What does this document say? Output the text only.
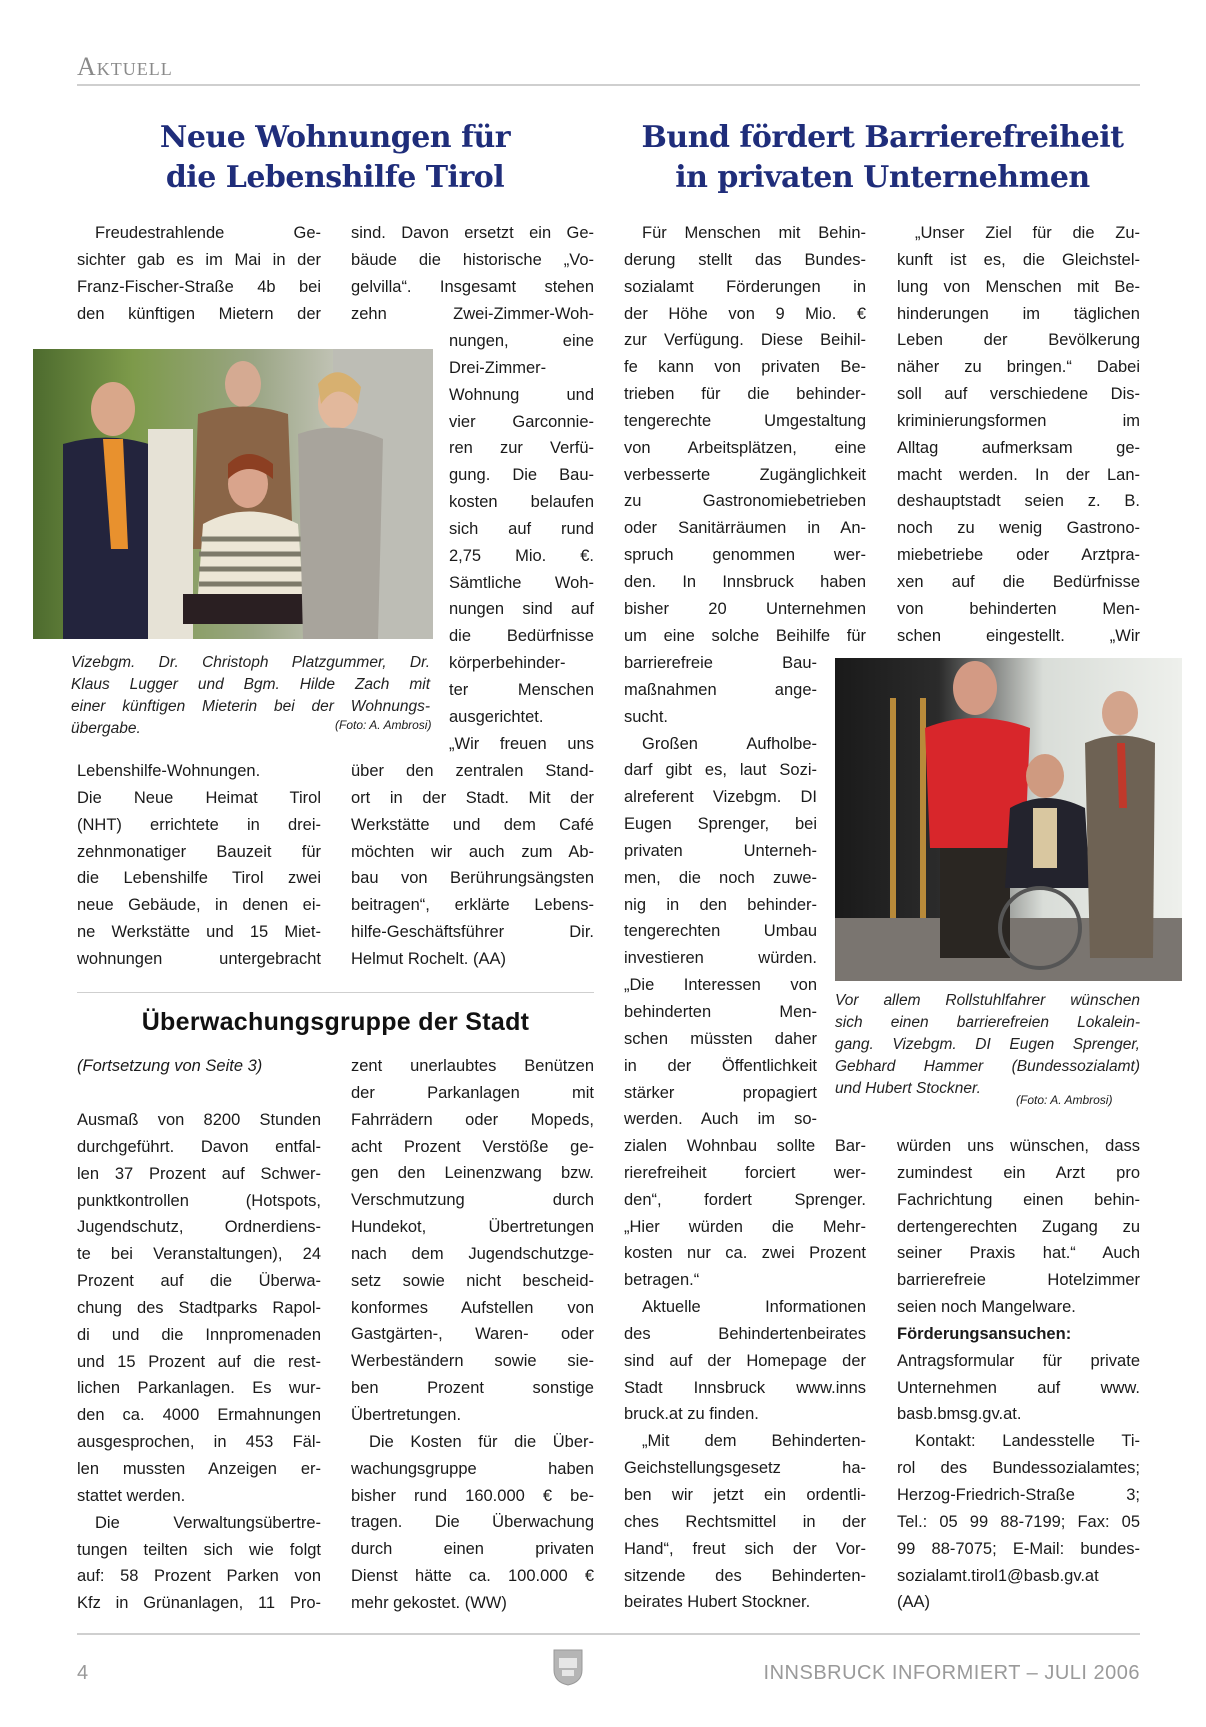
Aktuell
Neue Wohnungen für
die Lebenshilfe Tirol
Freudestrahlende Ge-
sichter gab es im Mai in der
Franz-Fischer-Straße 4b bei
den künftigen Mietern der
sind. Davon ersetzt ein Ge-
bäude die historische „Vo-
gelvilla“. Insgesamt stehen
zehn Zwei-Zimmer-Woh-
nungen, eine
Drei-Zimmer-
Wohnung und
vier Garconnie-
ren zur Verfü-
gung. Die Bau-
kosten belaufen
sich auf rund
2,75 Mio. €.
Sämtliche Woh-
nungen sind auf
die Bedürfnisse
körperbehinder-
ter Menschen
ausgerichtet.
„Wir freuen uns
Vizebgm. Dr. Christoph Platzgummer, Dr.
Klaus Lugger und Bgm. Hilde Zach mit
einer künftigen Mieterin bei der Wohnungs-
übergabe.	(Foto: A. Ambrosi)
Lebenshilfe-Wohnungen.
Die Neue Heimat Tirol
(NHT) errichtete in drei-
zehnmonatiger Bauzeit für
die Lebenshilfe Tirol zwei
neue Gebäude, in denen ei-
ne Werkstätte und 15 Miet-
wohnungen untergebracht
über den zentralen Stand-
ort in der Stadt. Mit der
Werkstätte und dem Café
möchten wir auch zum Ab-
bau von Berührungsängsten
beitragen“, erklärte Lebens-
hilfe-Geschäftsführer Dir.
Helmut Rochelt. (AA)
Überwachungsgruppe der Stadt
(Fortsetzung von Seite 3)
Ausmaß von 8200 Stunden
durchgeführt. Davon entfal-
len 37 Prozent auf Schwer-
punktkontrollen (Hotspots,
Jugendschutz, Ordnerdiens-
te bei Veranstaltungen), 24
Prozent auf die Überwa-
chung des Stadtparks Rapol-
di und die Innpromenaden
und 15 Prozent auf die rest-
lichen Parkanlagen. Es wur-
den ca. 4000 Ermahnungen
ausgesprochen, in 453 Fäl-
len mussten Anzeigen er-
stattet werden.
Die Verwaltungsübertre-
tungen teilten sich wie folgt
auf: 58 Prozent Parken von
Kfz in Grünanlagen, 11 Pro-
zent unerlaubtes Benützen
der Parkanlagen mit
Fahrrädern oder Mopeds,
acht Prozent Verstöße ge-
gen den Leinenzwang bzw.
Verschmutzung durch
Hundekot, Übertretungen
nach dem Jugendschutzge-
setz sowie nicht bescheid-
konformes Aufstellen von
Gastgärten-, Waren- oder
Werbeständern sowie sie-
ben Prozent sonstige
Übertretungen.
Die Kosten für die Über-
wachungsgruppe haben
bisher rund 160.000 € be-
tragen. Die Überwachung
durch einen privaten
Dienst hätte ca. 100.000 €
mehr gekostet. (WW)
Bund fördert Barrierefreiheit
in privaten Unternehmen
Für Menschen mit Behin-
derung stellt das Bundes-
sozialamt Förderungen in
der Höhe von 9 Mio. €
zur Verfügung. Diese Beihil-
fe kann von privaten Be-
trieben für die behinder-
tengerechte Umgestaltung
von Arbeitsplätzen, eine
verbesserte Zugänglichkeit
zu Gastronomiebetrieben
oder Sanitärräumen in An-
spruch genommen wer-
den. In Innsbruck haben
bisher 20 Unternehmen
um eine solche Beihilfe für
„Unser Ziel für die Zu-
kunft ist es, die Gleichstel-
lung von Menschen mit Be-
hinderungen im täglichen
Leben der Bevölkerung
näher zu bringen.“ Dabei
soll auf verschiedene Dis-
kriminierungsformen im
Alltag aufmerksam ge-
macht werden. In der Lan-
deshauptstadt seien z. B.
noch zu wenig Gastrono-
miebetriebe oder Arztpra-
xen auf die Bedürfnisse
von behinderten Men-
schen eingestellt. „Wir
barrierefreie Bau-
maßnahmen ange-
sucht.
Großen Aufholbe-
darf gibt es, laut Sozi-
alreferent Vizebgm. DI
Eugen Sprenger, bei
privaten Unterneh-
men, die noch zuwe-
nig in den behinder-
tengerechten Umbau
investieren würden.
„Die Interessen von
behinderten Men-
schen müssten daher
in der Öffentlichkeit
stärker propagiert
werden. Auch im so-
Vor allem Rollstuhlfahrer wünschen
sich einen barrierefreien Lokalein-
gang. Vizebgm. DI Eugen Sprenger,
Gebhard Hammer (Bundessozialamt)
und Hubert Stockner.
(Foto: A. Ambrosi)
zialen Wohnbau sollte Bar-
rierefreiheit forciert wer-
den“, fordert Sprenger.
„Hier würden die Mehr-
kosten nur ca. zwei Prozent
betragen.“
Aktuelle Informationen
des Behindertenbeirates
sind auf der Homepage der
Stadt Innsbruck www.inns
bruck.at zu finden.
„Mit dem Behinderten-
Geichstellungsgesetz ha-
ben wir jetzt ein ordentli-
ches Rechtsmittel in der
Hand“, freut sich der Vor-
sitzende des Behinderten-
beirates Hubert Stockner.
würden uns wünschen, dass
zumindest ein Arzt pro
Fachrichtung einen behin-
dertengerechten Zugang zu
seiner Praxis hat.“ Auch
barrierefreie Hotelzimmer
seien noch Mangelware.
Förderungsansuchen:
Antragsformular für private
Unternehmen auf www.
basb.bmsg.gv.at.
Kontakt: Landesstelle Ti-
rol des Bundessozialamtes;
Herzog-Friedrich-Straße 3;
Tel.: 05 99 88-7199; Fax: 05
99 88-7075; E-Mail: bundes-
sozialamt.tirol1@basb.gv.at
(AA)
4	INNSBRUCK INFORMIERT – JULI 2006
